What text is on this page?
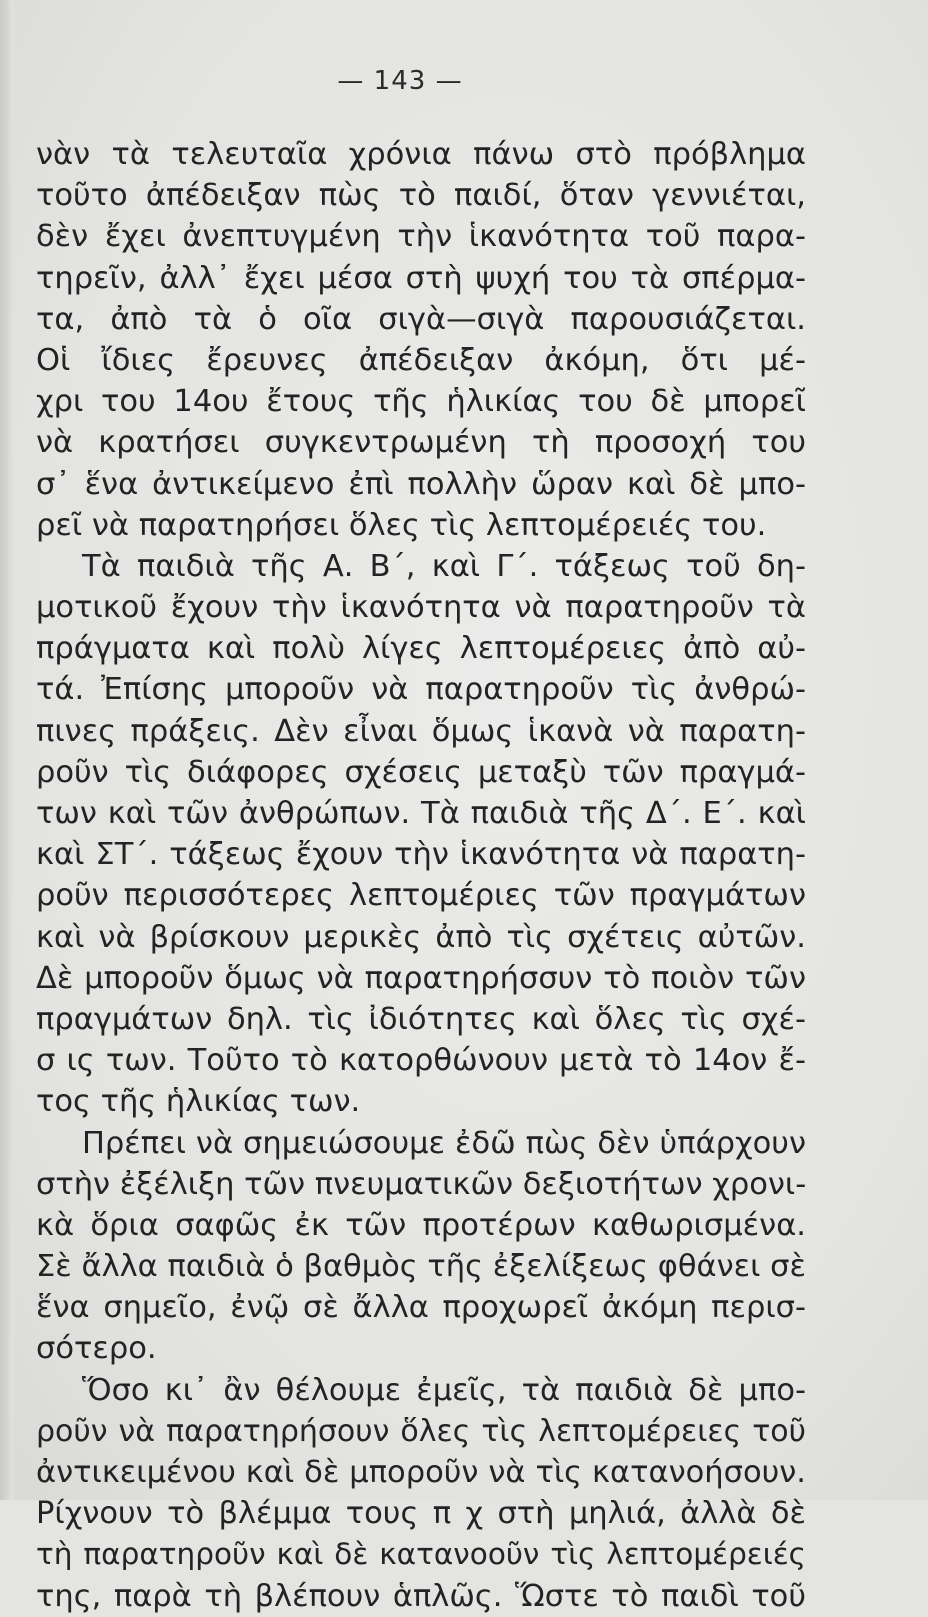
— 143 —
νὰν τὰ τελευταῖα χρόνια πάνω στὸ πρόβλημα
τοῦτο ἀπέδειξαν πὼς τὸ παιδί, ὅταν γεννιέται,
δὲν ἔχει ἀνεπτυγμένη τὴν ἱκανότητα τοῦ παρα-
τηρεῖν, ἀλλ᾽ ἔχει μέσα στὴ ψυχή του τὰ σπέρμα-
τα, ἀπὸ τὰ ὁ οῖα σιγὰ—σιγὰ παρουσιάζεται.
Οἱ ἴδιες ἔρευνες ἀπέδειξαν ἀκόμη, ὅτι μέ-
χρι του 14ου ἔτους τῆς ἡλικίας του δὲ μπορεῖ
νὰ κρατήσει συγκεντρωμένη τὴ προσοχή του
σ᾽ ἕνα ἀντικείμενο ἐπὶ πολλὴν ὥραν καὶ δὲ μπο-
ρεῖ νὰ παρατηρήσει ὅλες τὶς λεπτομέρειές του.
Τὰ παιδιὰ τῆς Α. Β΄, καὶ Γ΄. τάξεως τοῦ δη-
μοτικοῦ ἔχουν τὴν ἱκανότητα νὰ παρατηροῦν τὰ
πράγματα καὶ πολὺ λίγες λεπτομέρειες ἀπὸ αὐ-
τά. Ἐπίσης μποροῦν νὰ παρατηροῦν τὶς ἀνθρώ-
πινες πράξεις. Δὲν εἶναι ὅμως ἱκανὰ νὰ παρατη-
ροῦν τὶς διάφορες σχέσεις μεταξὺ τῶν πραγμά-
των καὶ τῶν ἀνθρώπων. Τὰ παιδιὰ τῆς Δ΄. Ε΄. καὶ
καὶ ΣΤ΄. τάξεως ἔχουν τὴν ἱκανότητα νὰ παρατη-
ροῦν περισσότερες λεπτομέριες τῶν πραγμάτων
καὶ νὰ βρίσκουν μερικὲς ἀπὸ τὶς σχέτεις αὐτῶν.
Δὲ μποροῦν ὅμως νὰ παρατηρήσσυν τὸ ποιὸν τῶν
πραγμάτων δηλ. τὶς ἰδιότητες καὶ ὅλες τὶς σχέ-
σ ις των. Τοῦτο τὸ κατορθώνουν μετὰ τὸ 14ον ἔ-
τος τῆς ἡλικίας των.
Πρέπει νὰ σημειώσουμε ἐδῶ πὼς δὲν ὑπάρχουν
στὴν ἐξέλιξη τῶν πνευματικῶν δεξιοτήτων χρονι-
κὰ ὅρια σαφῶς ἐκ τῶν προτέρων καθωρισμένα.
Σὲ ἄλλα παιδιὰ ὁ βαθμὸς τῆς ἐξελίξεως φθάνει σὲ
ἕνα σημεῖο, ἐνῷ σὲ ἄλλα προχωρεῖ ἀκόμη περισ-
σότερο.
Ὅσο κι᾽ ἂν θέλουμε ἐμεῖς, τὰ παιδιὰ δὲ μπο-
ροῦν νὰ παρατηρήσουν ὅλες τὶς λεπτομέρειες τοῦ
ἀντικειμένου καὶ δὲ μποροῦν νὰ τὶς κατανοήσουν.
Ρίχνουν τὸ βλέμμα τους π χ στὴ μηλιά, ἀλλὰ δὲ
τὴ παρατηροῦν καὶ δὲ κατανοοῦν τὶς λεπτομέρειές
της, παρὰ τὴ βλέπουν ἁπλῶς. Ὥστε τὸ παιδὶ τοῦ
